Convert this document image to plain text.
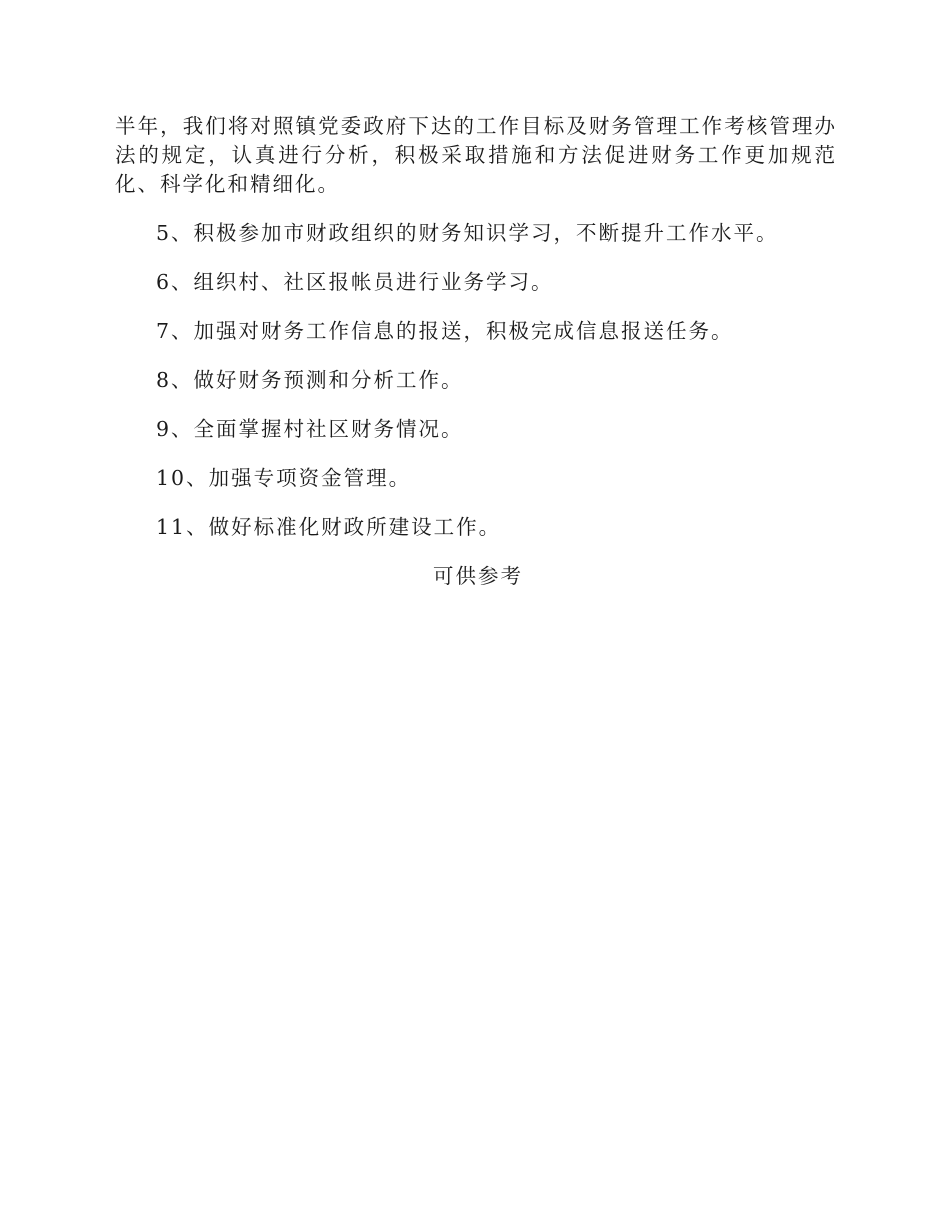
半年，我们将对照镇党委政府下达的工作目标及财务管理工作考核管理办法的规定，认真进行分析，积极采取措施和方法促进财务工作更加规范化、科学化和精细化。

5、积极参加市财政组织的财务知识学习，不断提升工作水平。

6、组织村、社区报帐员进行业务学习。

7、加强对财务工作信息的报送，积极完成信息报送任务。

8、做好财务预测和分析工作。

9、全面掌握村社区财务情况。

10、加强专项资金管理。

11、做好标准化财政所建设工作。

可供参考
